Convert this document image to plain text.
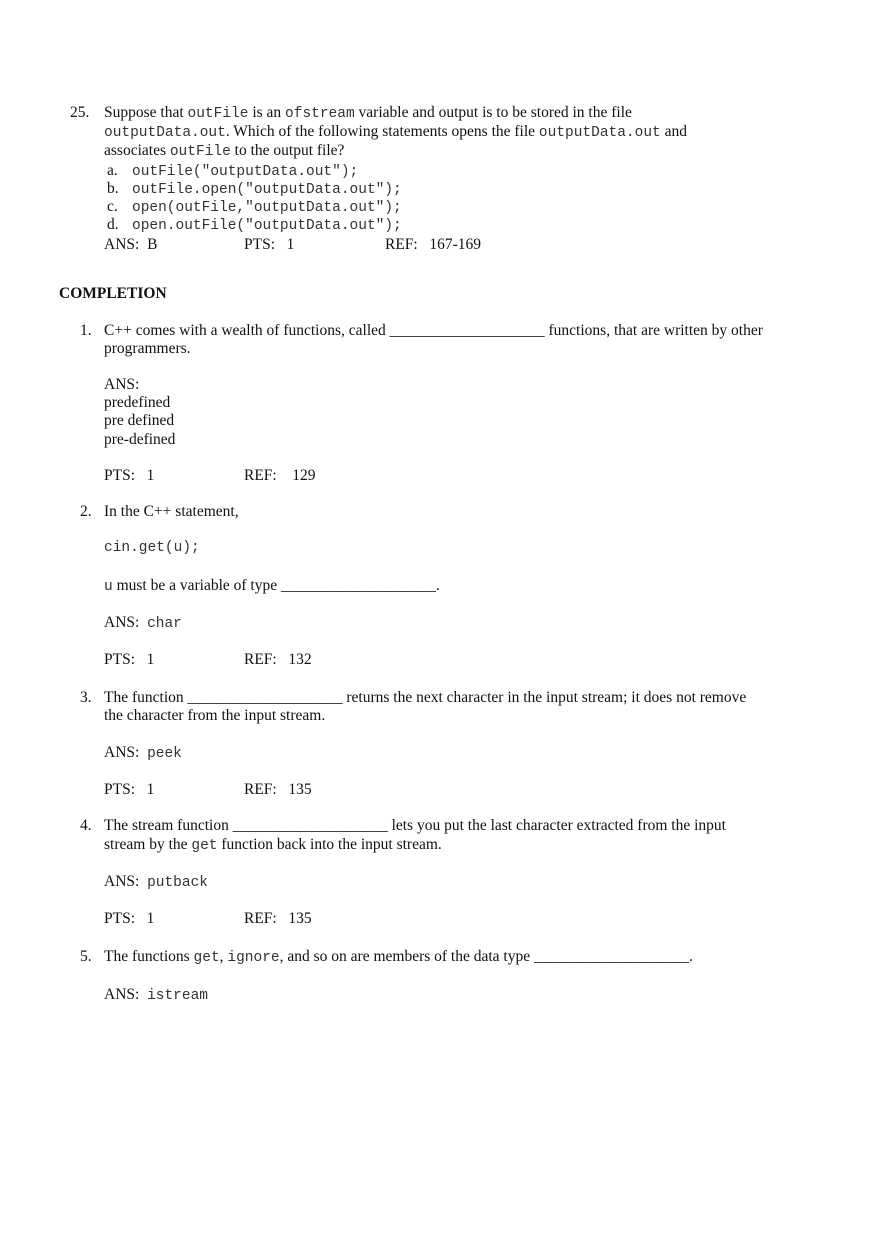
25. Suppose that outFile is an ofstream variable and output is to be stored in the file
outputData.out. Which of the following statements opens the file outputData.out and
associates outFile to the output file?
a. outFile("outputData.out");
b. outFile.open("outputData.out");
c. open(outFile,"outputData.out");
d. open.outFile("outputData.out");
ANS:  B	PTS:   1	REF:   167-169
COMPLETION
1. C++ comes with a wealth of functions, called ____________________ functions, that are written by other
programmers.
ANS:
predefined
pre defined
pre-defined
PTS:   1	REF:    129
2. In the C++ statement,
cin.get(u);
u must be a variable of type ____________________.
ANS: char
PTS:   1	REF:   132
3. The function ____________________ returns the next character in the input stream; it does not remove
the character from the input stream.
ANS: peek
PTS:   1	REF:   135
4. The stream function ____________________ lets you put the last character extracted from the input
stream by the get function back into the input stream.
ANS: putback
PTS:   1	REF:   135
5. The functions get, ignore, and so on are members of the data type ____________________.
ANS: istream
